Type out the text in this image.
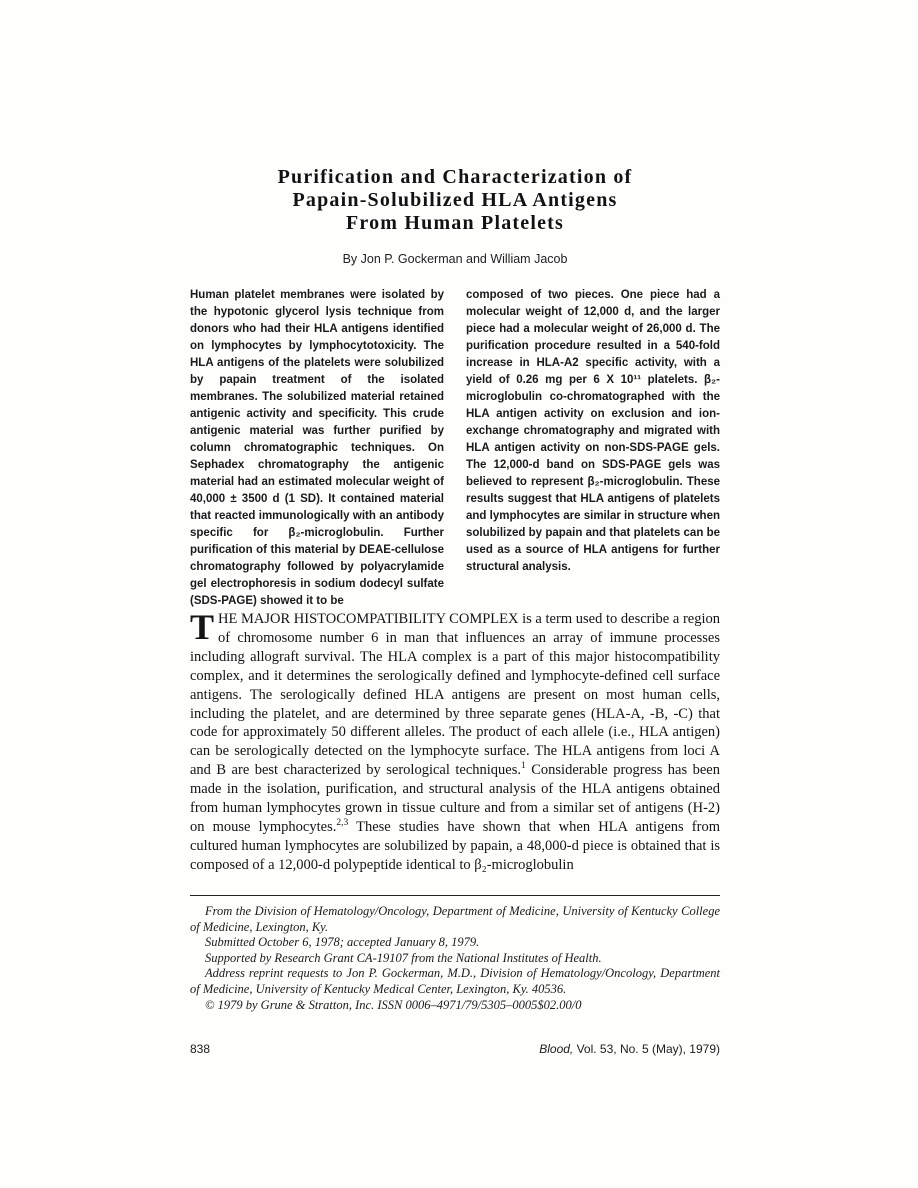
Purification and Characterization of
Papain-Solubilized HLA Antigens
From Human Platelets
By Jon P. Gockerman and William Jacob
Human platelet membranes were isolated by the hypotonic glycerol lysis technique from donors who had their HLA antigens identified on lymphocytes by lymphocytotoxicity. The HLA antigens of the platelets were solubilized by papain treatment of the isolated membranes. The solubilized material retained antigenic activity and specificity. This crude antigenic material was further purified by column chromatographic techniques. On Sephadex chromatography the antigenic material had an estimated molecular weight of 40,000 ± 3500 d (1 SD). It contained material that reacted immunologically with an antibody specific for β₂-microglobulin. Further purification of this material by DEAE-cellulose chromatography followed by polyacrylamide gel electrophoresis in sodium dodecyl sulfate (SDS-PAGE) showed it to be
composed of two pieces. One piece had a molecular weight of 12,000 d, and the larger piece had a molecular weight of 26,000 d. The purification procedure resulted in a 540-fold increase in HLA-A2 specific activity, with a yield of 0.26 mg per 6 X 10¹¹ platelets. β₂-microglobulin co-chromatographed with the HLA antigen activity on exclusion and ion-exchange chromatography and migrated with HLA antigen activity on non-SDS-PAGE gels. The 12,000-d band on SDS-PAGE gels was believed to represent β₂-microglobulin. These results suggest that HLA antigens of platelets and lymphocytes are similar in structure when solubilized by papain and that platelets can be used as a source of HLA antigens for further structural analysis.

THE MAJOR HISTOCOMPATIBILITY COMPLEX is a term used to describe a region of chromosome number 6 in man that influences an array of immune processes including allograft survival. The HLA complex is a part of this major histocompatibility complex, and it determines the serologically defined and lymphocyte-defined cell surface antigens. The serologically defined HLA antigens are present on most human cells, including the platelet, and are determined by three separate genes (HLA-A, -B, -C) that code for approximately 50 different alleles. The product of each allele (i.e., HLA antigen) can be serologically detected on the lymphocyte surface. The HLA antigens from loci A and B are best characterized by serological techniques.$^1$ Considerable progress has been made in the isolation, purification, and structural analysis of the HLA antigens obtained from human lymphocytes grown in tissue culture and from a similar set of antigens (H-2) on mouse lymphocytes.$^{2,3}$ These studies have shown that when HLA antigens from cultured human lymphocytes are solubilized by papain, a 48,000-d piece is obtained that is composed of a 12,000-d polypeptide identical to β₂-microglobulin

From the Division of Hematology/Oncology, Department of Medicine, University of Kentucky College of Medicine, Lexington, Ky.

Submitted October 6, 1978; accepted January 8, 1979.

Supported by Research Grant CA-19107 from the National Institutes of Health.

Address reprint requests to Jon P. Gockerman, M.D., Division of Hematology/Oncology, Department of Medicine, University of Kentucky Medical Center, Lexington, Ky. 40536.

© 1979 by Grune & Stratton, Inc. ISSN 0006–4971/79/5305–0005$02.00/0

838	Blood, Vol. 53, No. 5 (May), 1979)
